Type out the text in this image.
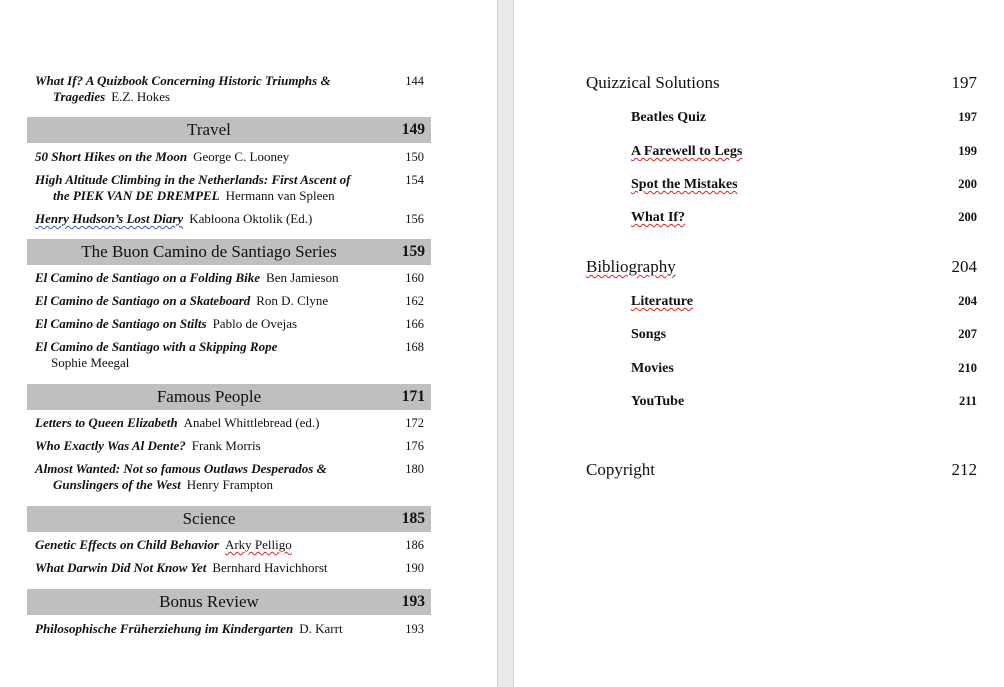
What If? A Quizbook Concerning Historic Triumphs &
Tragedies E.Z. Hokes
144
Travel	149
50 Short Hikes on the Moon George C. Looney	150
High Altitude Climbing in the Netherlands: First Ascent of
the PIEK VAN DE DREMPEL Hermann van Spleen
154
Henry Hudson’s Lost Diary Kabloona Oktolik (Ed.)	156
The Buon Camino de Santiago Series	159
El Camino de Santiago on a Folding Bike Ben Jamieson	160
El Camino de Santiago on a Skateboard Ron D. Clyne	162
El Camino de Santiago on Stilts Pablo de Ovejas	166
El Camino de Santiago with a Skipping Rope
Sophie Meegal
168
Famous People	171
Letters to Queen Elizabeth Anabel Whittlebread (ed.)	172
Who Exactly Was Al Dente? Frank Morris	176
Almost Wanted: Not so famous Outlaws Desperados &
Gunslingers of the West Henry Frampton
180
Science	185
Genetic Effects on Child Behavior Arky Pelligo	186
What Darwin Did Not Know Yet Bernhard Havichhorst	190
Bonus Review	193
Philosophische Früherziehung im Kindergarten D. Karrt	193
Quizzical Solutions	197
Beatles Quiz	197
A Farewell to Legs	199
Spot the Mistakes	200
What If?	200
Bibliography	204
Literature	204
Songs	207
Movies	210
YouTube	211
Copyright	212
